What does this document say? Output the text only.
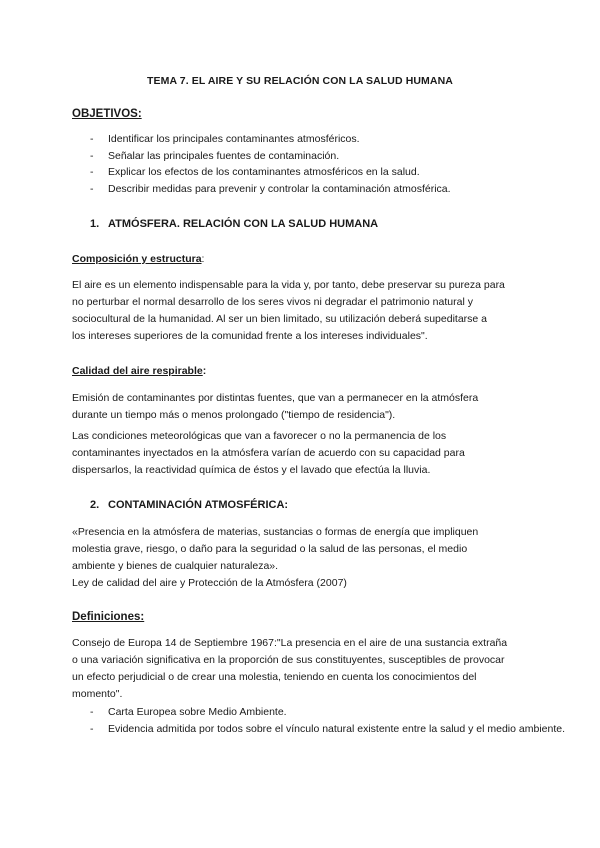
TEMA 7. EL AIRE Y SU RELACIÓN CON LA SALUD HUMANA
OBJETIVOS:
- Identificar los principales contaminantes atmosféricos.
- Señalar las principales fuentes de contaminación.
- Explicar los efectos de los contaminantes atmosféricos en la salud.
- Describir medidas para prevenir y controlar la contaminación atmosférica.
1. ATMÓSFERA. RELACIÓN CON LA SALUD HUMANA
Composición y estructura:
El aire es un elemento indispensable para la vida y, por tanto, debe preservar su pureza para
no perturbar el normal desarrollo de los seres vivos ni degradar el patrimonio natural y
sociocultural de la humanidad. Al ser un bien limitado, su utilización deberá supeditarse a
los intereses superiores de la comunidad frente a los intereses individuales".
Calidad del aire respirable:
Emisión de contaminantes por distintas fuentes, que van a permanecer en la atmósfera
durante un tiempo más o menos prolongado ("tiempo de residencia").
Las condiciones meteorológicas que van a favorecer o no la permanencia de los
contaminantes inyectados en la atmósfera varían de acuerdo con su capacidad para
dispersarlos, la reactividad química de éstos y el lavado que efectúa la lluvia.
2. CONTAMINACIÓN ATMOSFÉRICA:
«Presencia en la atmósfera de materias, sustancias o formas de energía que impliquen
molestia grave, riesgo, o daño para la seguridad o la salud de las personas, el medio
ambiente y bienes de cualquier naturaleza».
Ley de calidad del aire y Protección de la Atmósfera (2007)
Definiciones:
Consejo de Europa 14 de Septiembre 1967:"La presencia en el aire de una sustancia extraña
o una variación significativa en la proporción de sus constituyentes, susceptibles de provocar
un efecto perjudicial o de crear una molestia, teniendo en cuenta los conocimientos del
momento".
- Carta Europea sobre Medio Ambiente.
- Evidencia admitida por todos sobre el vínculo natural existente entre la salud y el medio ambiente.
